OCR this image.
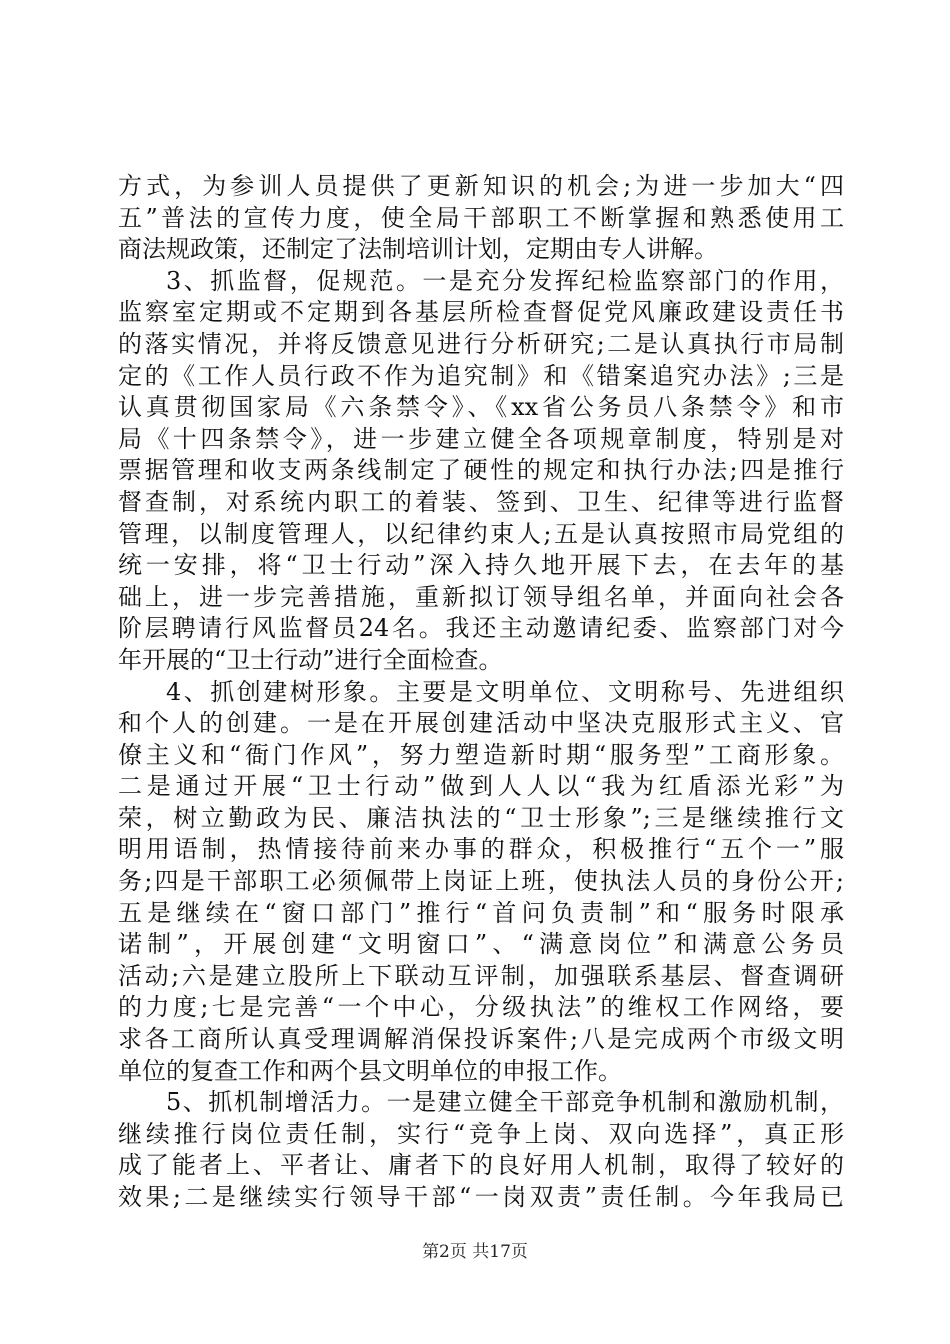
方式，为参训人员提供了更新知识的机会;为进一步加大“四
五”普法的宣传力度，使全局干部职工不断掌握和熟悉使用工
商法规政策，还制定了法制培训计划，定期由专人讲解。
3、抓监督，促规范。一是充分发挥纪检监察部门的作用，
监察室定期或不定期到各基层所检查督促党风廉政建设责任书
的落实情况，并将反馈意见进行分析研究;二是认真执行市局制
定的《工作人员行政不作为追究制》和《错案追究办法》;三是
认真贯彻国家局《六条禁令》、《xx省公务员八条禁令》和市
局《十四条禁令》，进一步建立健全各项规章制度，特别是对
票据管理和收支两条线制定了硬性的规定和执行办法;四是推行
督查制，对系统内职工的着装、签到、卫生、纪律等进行监督
管理，以制度管理人，以纪律约束人;五是认真按照市局党组的
统一安排，将“卫士行动”深入持久地开展下去，在去年的基
础上，进一步完善措施，重新拟订领导组名单，并面向社会各
阶层聘请行风监督员24名。我还主动邀请纪委、监察部门对今
年开展的“卫士行动”进行全面检查。
4、抓创建树形象。主要是文明单位、文明称号、先进组织
和个人的创建。一是在开展创建活动中坚决克服形式主义、官
僚主义和“衙门作风”，努力塑造新时期“服务型”工商形象。
二是通过开展“卫士行动”做到人人以“我为红盾添光彩”为
荣，树立勤政为民、廉洁执法的“卫士形象”;三是继续推行文
明用语制，热情接待前来办事的群众，积极推行“五个一”服
务;四是干部职工必须佩带上岗证上班，使执法人员的身份公开;
五是继续在“窗口部门”推行“首问负责制”和“服务时限承
诺制”，开展创建“文明窗口”、“满意岗位”和满意公务员
活动;六是建立股所上下联动互评制，加强联系基层、督查调研
的力度;七是完善“一个中心，分级执法”的维权工作网络，要
求各工商所认真受理调解消保投诉案件;八是完成两个市级文明
单位的复查工作和两个县文明单位的申报工作。
5、抓机制增活力。一是建立健全干部竞争机制和激励机制，
继续推行岗位责任制，实行“竞争上岗、双向选择”，真正形
成了能者上、平者让、庸者下的良好用人机制，取得了较好的
效果;二是继续实行领导干部“一岗双责”责任制。今年我局已
第2页 共17页
